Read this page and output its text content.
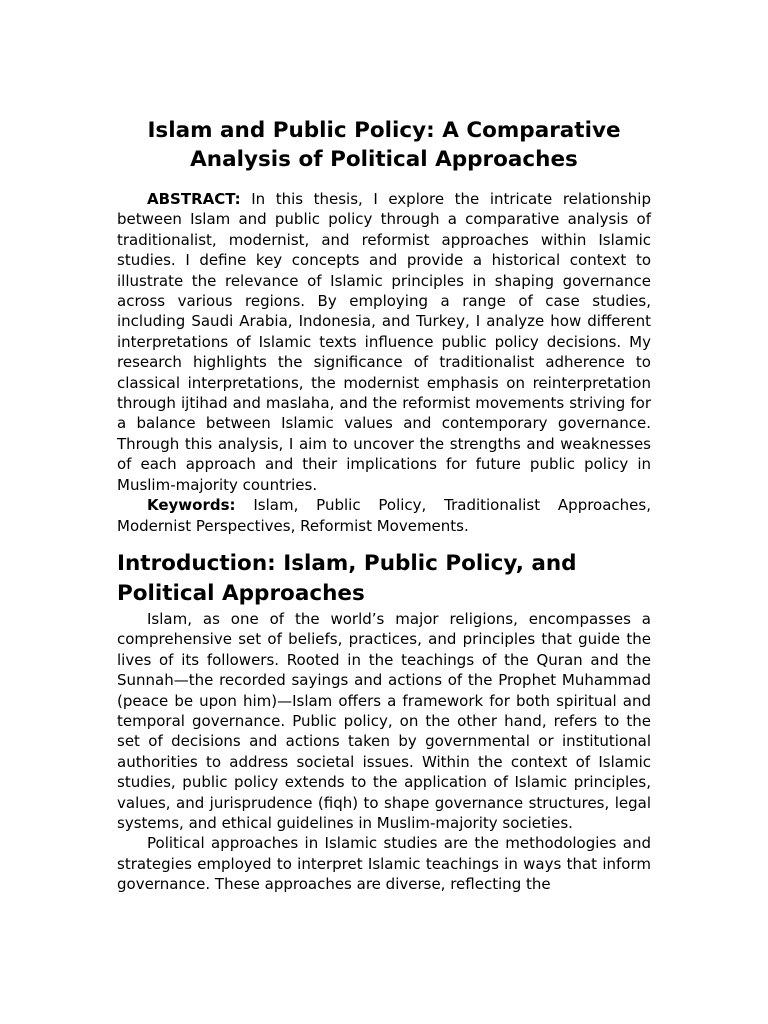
Islam and Public Policy: A Comparative Analysis of Political Approaches

ABSTRACT: In this thesis, I explore the intricate relationship between Islam and public policy through a comparative analysis of traditionalist, modernist, and reformist approaches within Islamic studies. I define key concepts and provide a historical context to illustrate the relevance of Islamic principles in shaping governance across various regions. By employing a range of case studies, including Saudi Arabia, Indonesia, and Turkey, I analyze how different interpretations of Islamic texts influence public policy decisions. My research highlights the significance of traditionalist adherence to classical interpretations, the modernist emphasis on reinterpretation through ijtihad and maslaha, and the reformist movements striving for a balance between Islamic values and contemporary governance. Through this analysis, I aim to uncover the strengths and weaknesses of each approach and their implications for future public policy in Muslim-majority countries.

Keywords: Islam, Public Policy, Traditionalist Approaches, Modernist Perspectives, Reformist Movements.

Introduction: Islam, Public Policy, and Political Approaches

Islam, as one of the world’s major religions, encompasses a comprehensive set of beliefs, practices, and principles that guide the lives of its followers. Rooted in the teachings of the Quran and the Sunnah—the recorded sayings and actions of the Prophet Muhammad (peace be upon him)—Islam offers a framework for both spiritual and temporal governance. Public policy, on the other hand, refers to the set of decisions and actions taken by governmental or institutional authorities to address societal issues. Within the context of Islamic studies, public policy extends to the application of Islamic principles, values, and jurisprudence (fiqh) to shape governance structures, legal systems, and ethical guidelines in Muslim-majority societies.

Political approaches in Islamic studies are the methodologies and strategies employed to interpret Islamic teachings in ways that inform governance. These approaches are diverse, reflecting the
